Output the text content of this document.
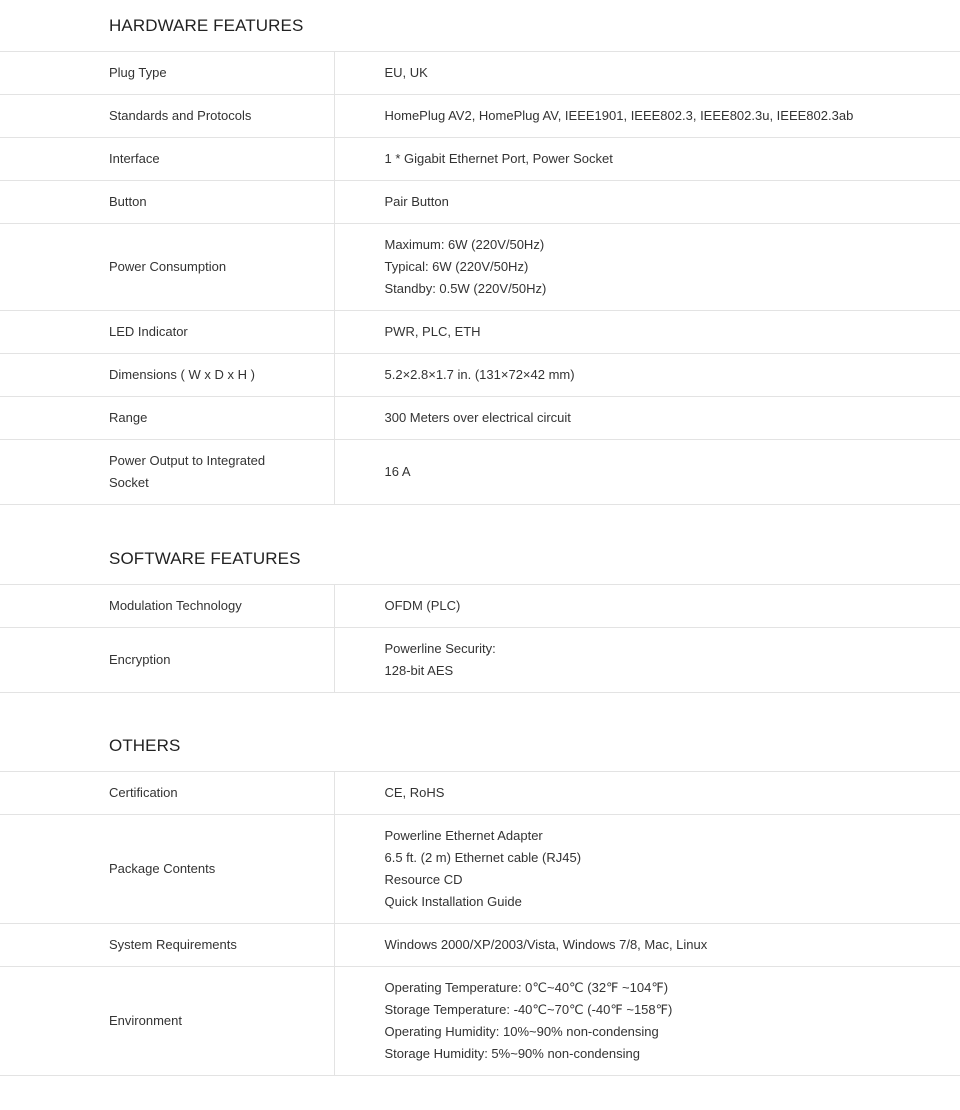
HARDWARE FEATURES
Plug Type	EU, UK

Standards and Protocols	HomePlug AV2, HomePlug AV, IEEE1901, IEEE802.3, IEEE802.3u, IEEE802.3ab

Interface	1 * Gigabit Ethernet Port, Power Socket

Button	Pair Button

Power Consumption	Maximum: 6W (220V/50Hz)
Typical: 6W (220V/50Hz)
Standby: 0.5W (220V/50Hz)

LED Indicator	PWR, PLC, ETH

Dimensions ( W x D x H )	5.2×2.8×1.7 in. (131×72×42 mm)

Range	300 Meters over electrical circuit

Power Output to Integrated
Socket	16 A
SOFTWARE FEATURES
Modulation Technology	OFDM (PLC)

Encryption	Powerline Security:
128-bit AES
OTHERS
Certification	CE, RoHS

Package Contents	Powerline Ethernet Adapter
6.5 ft. (2 m) Ethernet cable (RJ45)
Resource CD
Quick Installation Guide

System Requirements	Windows 2000/XP/2003/Vista, Windows 7/8, Mac, Linux

Environment	Operating Temperature: 0℃~40℃ (32℉ ~104℉)
Storage Temperature: -40℃~70℃ (-40℉ ~158℉)
Operating Humidity: 10%~90% non-condensing
Storage Humidity: 5%~90% non-condensing
